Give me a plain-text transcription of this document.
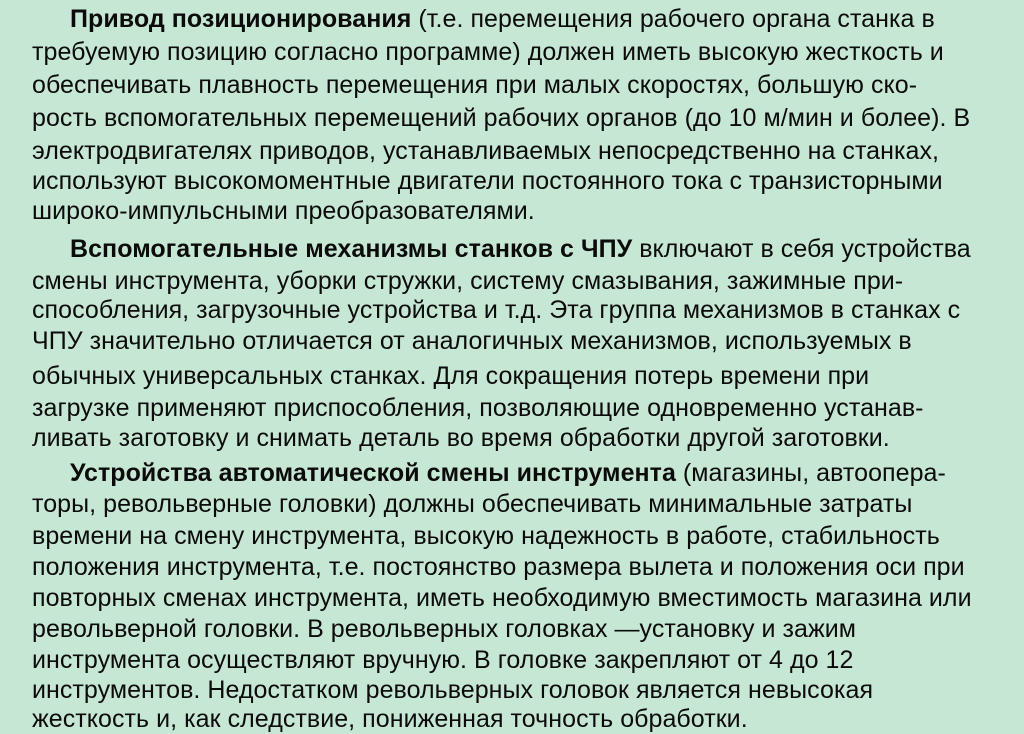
Привод позиционирования (т.е. перемещения рабочего органа станка в
требуемую позицию согласно программе) должен иметь высокую жесткость и
обеспечивать плавность перемещения при малых скоростях, большую ско-
рость вспомогательных перемещений рабочих органов (до 10 м/мин и более). В
электродвигателях приводов, устанавливаемых непосредственно на станках,
используют высокомоментные двигатели постоянного тока с транзисторными
широко-импульсными преобразователями.
Вспомогательные механизмы станков с ЧПУ включают в себя устройства
смены инструмента, уборки стружки, систему смазывания, зажимные при-
способления, загрузочные устройства и т.д. Эта группа механизмов в станках с
ЧПУ значительно отличается от аналогичных механизмов, используемых в
обычных универсальных станках. Для сокращения потерь времени при
загрузке применяют приспособления, позволяющие одновременно устанав-
ливать заготовку и снимать деталь во время обработки другой заготовки.
Устройства автоматической смены инструмента (магазины, автоопера-
торы, револьверные головки) должны обеспечивать минимальные затраты
времени на смену инструмента, высокую надежность в работе, стабильность
положения инструмента, т.е. постоянство размера вылета и положения оси при
повторных сменах инструмента, иметь необходимую вместимость магазина или
револьверной головки. В револьверных головках —установку и зажим
инструмента осуществляют вручную. В головке закрепляют от 4 до 12
инструментов. Недостатком револьверных головок является невысокая
жесткость и, как следствие, пониженная точность обработки.
